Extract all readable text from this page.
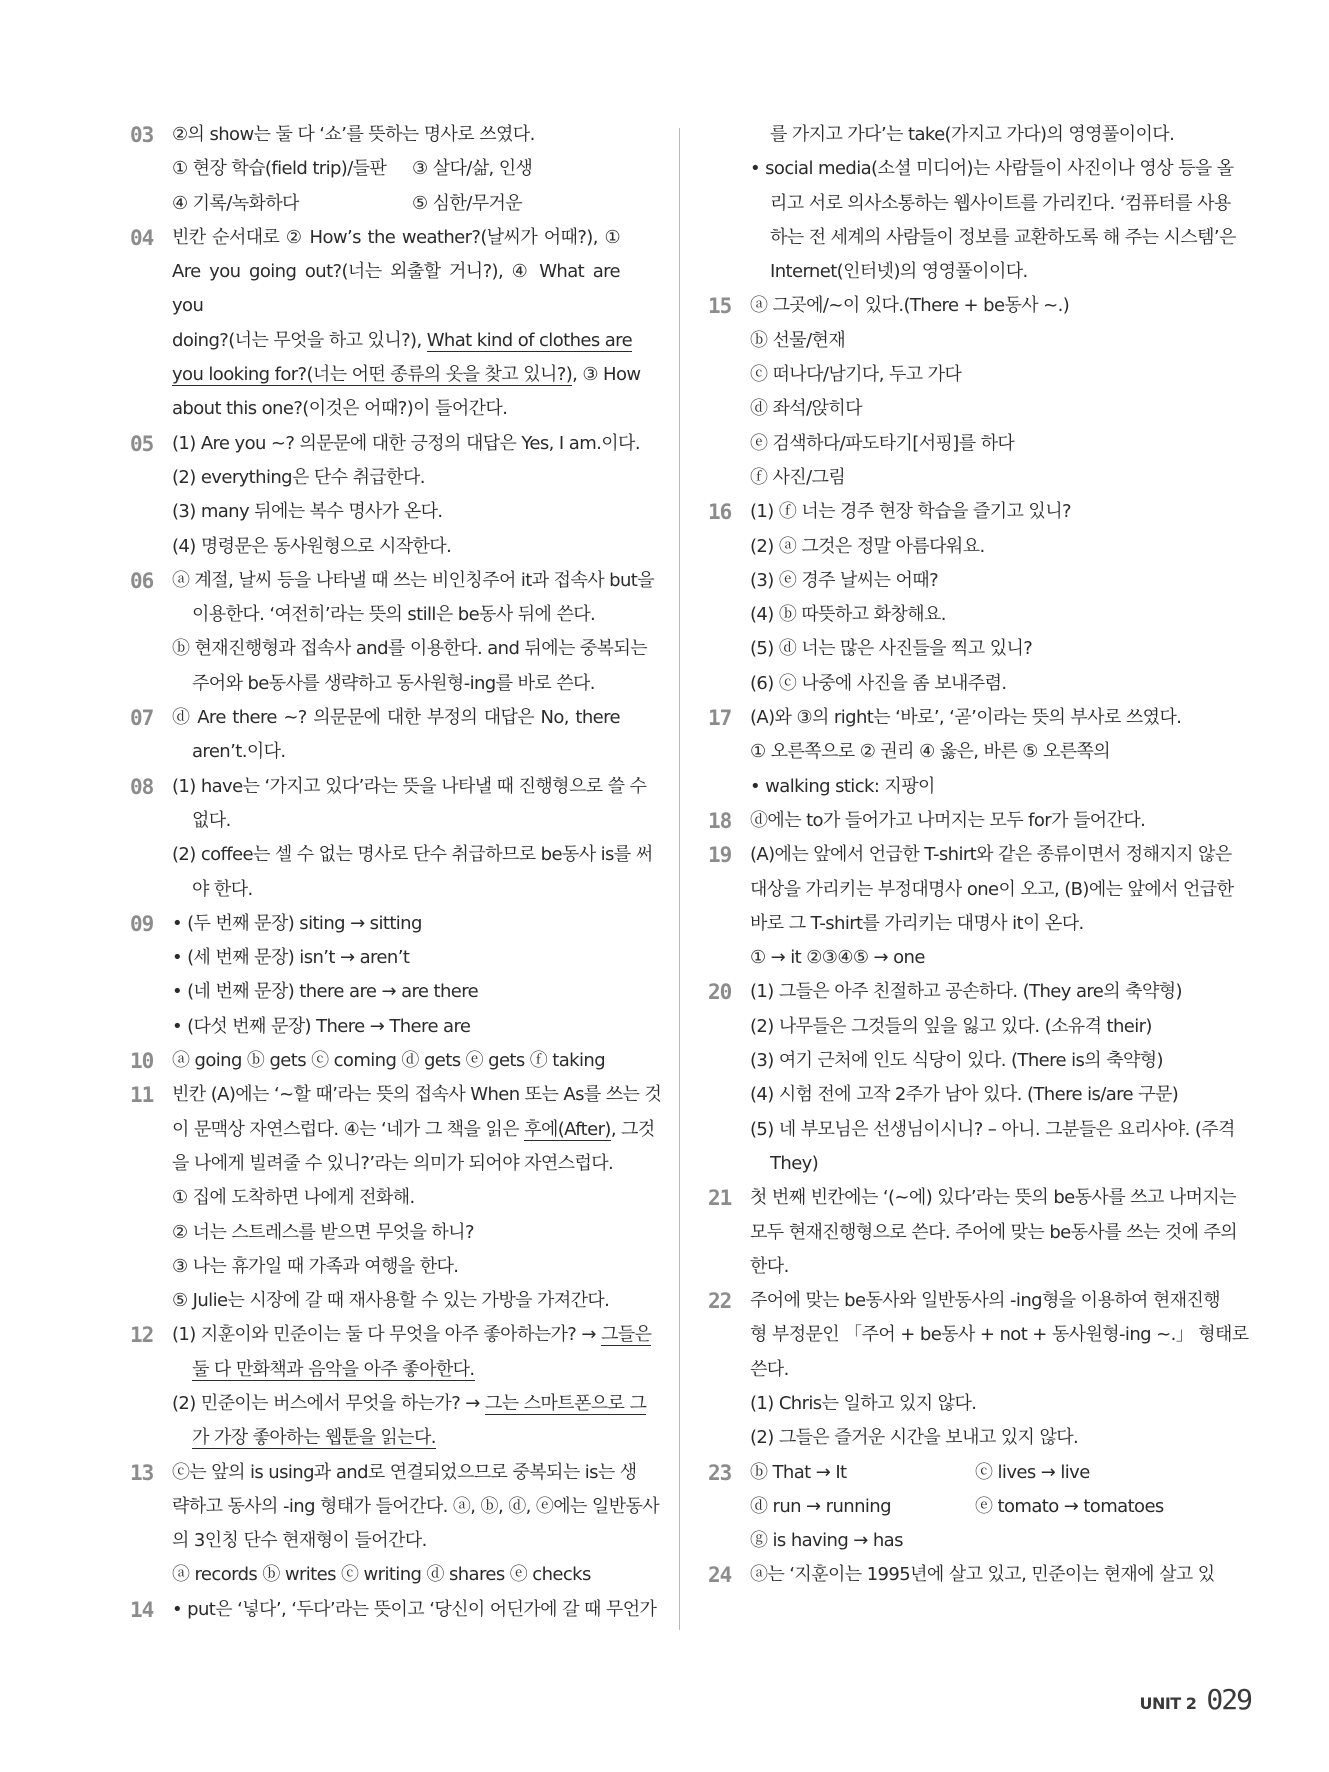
03	②의 show는 둘 다 ‘쇼’를 뜻하는 명사로 쓰였다.
① 현장 학습(field trip)/들판 ③ 살다/삶, 인생
④ 기록/녹화하다	⑤ 심한/무거운
04	빈칸 순서대로 ② How’s the weather?(날씨가 어때?), ①
Are you going out?(너는 외출할 거니?), ④ What are you
doing?(너는 무엇을 하고 있니?), What kind of clothes are
you looking for?(너는 어떤 종류의 옷을 찾고 있니?), ③ How
about this one?(이것은 어때?)이 들어간다.
05	(1) Are you ~? 의문문에 대한 긍정의 대답은 Yes, I am.이다.
(2) everything은 단수 취급한다.
(3) many 뒤에는 복수 명사가 온다.
(4) 명령문은 동사원형으로 시작한다.
06	ⓐ 계절, 날씨 등을 나타낼 때 쓰는 비인칭주어 it과 접속사 but을
이용한다. ‘여전히’라는 뜻의 still은 be동사 뒤에 쓴다.
ⓑ 현재진행형과 접속사 and를 이용한다. and 뒤에는 중복되는
주어와 be동사를 생략하고 동사원형-ing를 바로 쓴다.
07	ⓓ Are there ~? 의문문에 대한 부정의 대답은 No, there
aren’t.이다.
08	(1) have는 ‘가지고 있다’라는 뜻을 나타낼 때 진행형으로 쓸 수
없다.
(2) coffee는 셀 수 없는 명사로 단수 취급하므로 be동사 is를 써
야 한다.
09	• (두 번째 문장) siting → sitting
• (세 번째 문장) isn’t → aren’t
• (네 번째 문장) there are → are there
• (다섯 번째 문장) There → There are
10	ⓐ going ⓑ gets ⓒ coming ⓓ gets ⓔ gets ⓕ taking
11	빈칸 (A)에는 ‘~할 때’라는 뜻의 접속사 When 또는 As를 쓰는 것
이 문맥상 자연스럽다. ④는 ‘네가 그 책을 읽은 후에(After), 그것
을 나에게 빌려줄 수 있니?’라는 의미가 되어야 자연스럽다.
① 집에 도착하면 나에게 전화해.
② 너는 스트레스를 받으면 무엇을 하니?
③ 나는 휴가일 때 가족과 여행을 한다.
⑤ Julie는 시장에 갈 때 재사용할 수 있는 가방을 가져간다.
12	(1) 지훈이와 민준이는 둘 다 무엇을 아주 좋아하는가? → 그들은
둘 다 만화책과 음악을 아주 좋아한다.
(2) 민준이는 버스에서 무엇을 하는가? → 그는 스마트폰으로 그
가 가장 좋아하는 웹툰을 읽는다.
13	ⓒ는 앞의 is using과 and로 연결되었으므로 중복되는 is는 생
략하고 동사의 -ing 형태가 들어간다. ⓐ, ⓑ, ⓓ, ⓔ에는 일반동사
의 3인칭 단수 현재형이 들어간다.
ⓐ records ⓑ writes ⓒ writing ⓓ shares ⓔ checks
14	• put은 ‘넣다’, ‘두다’라는 뜻이고 ‘당신이 어딘가에 갈 때 무언가
를 가지고 가다’는 take(가지고 가다)의 영영풀이이다.
• social media(소셜 미디어)는 사람들이 사진이나 영상 등을 올
리고 서로 의사소통하는 웹사이트를 가리킨다. ‘컴퓨터를 사용
하는 전 세계의 사람들이 정보를 교환하도록 해 주는 시스템’은
Internet(인터넷)의 영영풀이이다.
15	ⓐ 그곳에/~이 있다.(There + be동사 ~.)
ⓑ 선물/현재
ⓒ 떠나다/남기다, 두고 가다
ⓓ 좌석/앉히다
ⓔ 검색하다/파도타기[서핑]를 하다
ⓕ 사진/그림
16	(1) ⓕ 너는 경주 현장 학습을 즐기고 있니?
(2) ⓐ 그것은 정말 아름다워요.
(3) ⓔ 경주 날씨는 어때?
(4) ⓑ 따뜻하고 화창해요.
(5) ⓓ 너는 많은 사진들을 찍고 있니?
(6) ⓒ 나중에 사진을 좀 보내주렴.
17	(A)와 ③의 right는 ‘바로’, ‘곧’이라는 뜻의 부사로 쓰였다.
① 오른쪽으로 ② 권리 ④ 옳은, 바른 ⑤ 오른쪽의
• walking stick: 지팡이
18	ⓓ에는 to가 들어가고 나머지는 모두 for가 들어간다.
19	(A)에는 앞에서 언급한 T-shirt와 같은 종류이면서 정해지지 않은
대상을 가리키는 부정대명사 one이 오고, (B)에는 앞에서 언급한
바로 그 T-shirt를 가리키는 대명사 it이 온다.
① → it ②③④⑤ → one
20	(1) 그들은 아주 친절하고 공손하다. (They are의 축약형)
(2) 나무들은 그것들의 잎을 잃고 있다. (소유격 their)
(3) 여기 근처에 인도 식당이 있다. (There is의 축약형)
(4) 시험 전에 고작 2주가 남아 있다. (There is/are 구문)
(5) 네 부모님은 선생님이시니? – 아니. 그분들은 요리사야. (주격
They)
21	첫 번째 빈칸에는 ‘(~에) 있다’라는 뜻의 be동사를 쓰고 나머지는
모두 현재진행형으로 쓴다. 주어에 맞는 be동사를 쓰는 것에 주의
한다.
22	주어에 맞는 be동사와 일반동사의 -ing형을 이용하여 현재진행
형 부정문인 「주어 + be동사 + not + 동사원형-ing ~.」 형태로
쓴다.
(1) Chris는 일하고 있지 않다.
(2) 그들은 즐거운 시간을 보내고 있지 않다.
23	ⓑ That → It	ⓒ lives → live
ⓓ run → running	ⓔ tomato → tomatoes
ⓖ is having → has
24	ⓐ는 ‘지훈이는 1995년에 살고 있고, 민준이는 현재에 살고 있
UNIT 2 029
